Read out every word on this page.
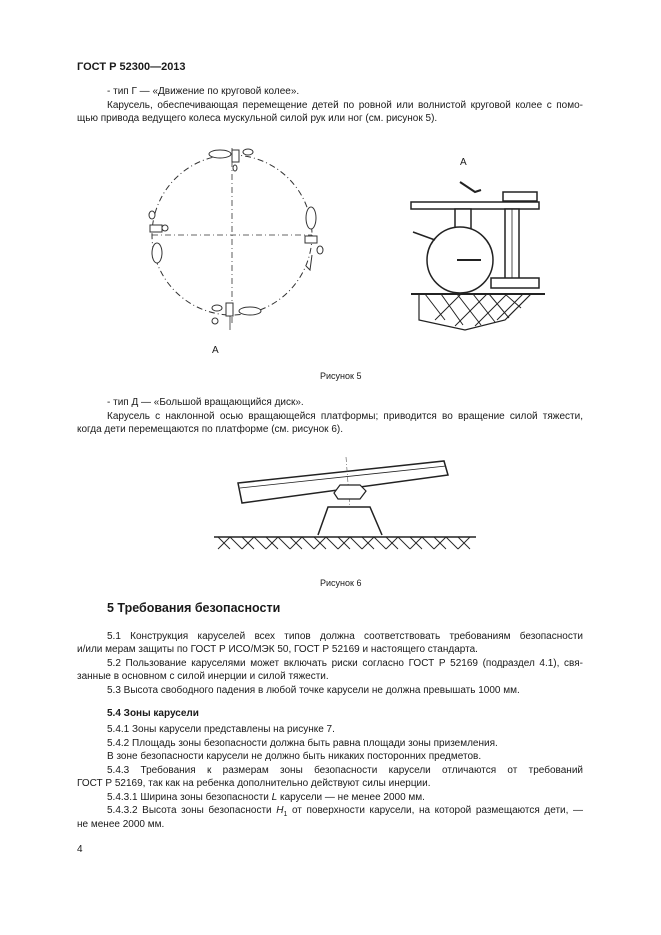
ГОСТ Р 52300—2013
- тип Г — «Движение по круговой колее».
Карусель, обеспечивающая перемещение детей по ровной или волнистой круговой колее с помо-
щью привода ведущего колеса мускульной силой рук или ног (см. рисунок 5).
А
А
Рисунок 5
- тип Д — «Большой вращающийся диск».
Карусель с наклонной осью вращающейся платформы; приводится во вращение силой тяжести,
когда дети перемещаются по платформе (см. рисунок 6).
Рисунок 6
5 Требования безопасности
5.1 Конструкция каруселей всех типов должна соответствовать требованиям безопасности
и/или мерам защиты по ГОСТ Р ИСО/МЭК 50, ГОСТ Р 52169 и настоящего стандарта.
5.2 Пользование каруселями может включать риски согласно ГОСТ Р 52169 (подраздел 4.1), свя-
занные в основном с силой инерции и силой тяжести.
5.3 Высота свободного падения в любой точке карусели не должна превышать 1000 мм.
5.4 Зоны карусели
5.4.1 Зоны карусели представлены на рисунке 7.
5.4.2 Площадь зоны безопасности должна быть равна площади зоны приземления.
В зоне безопасности карусели не должно быть никаких посторонних предметов.
5.4.3 Требования к размерам зоны безопасности карусели отличаются от требований
ГОСТ Р 52169, так как на ребенка дополнительно действуют силы инерции.
5.4.3.1 Ширина зоны безопасности L карусели — не менее 2000 мм.
5.4.3.2 Высота зоны безопасности $H_1$ от поверхности карусели, на которой размещаются дети, —
не менее 2000 мм.
4
